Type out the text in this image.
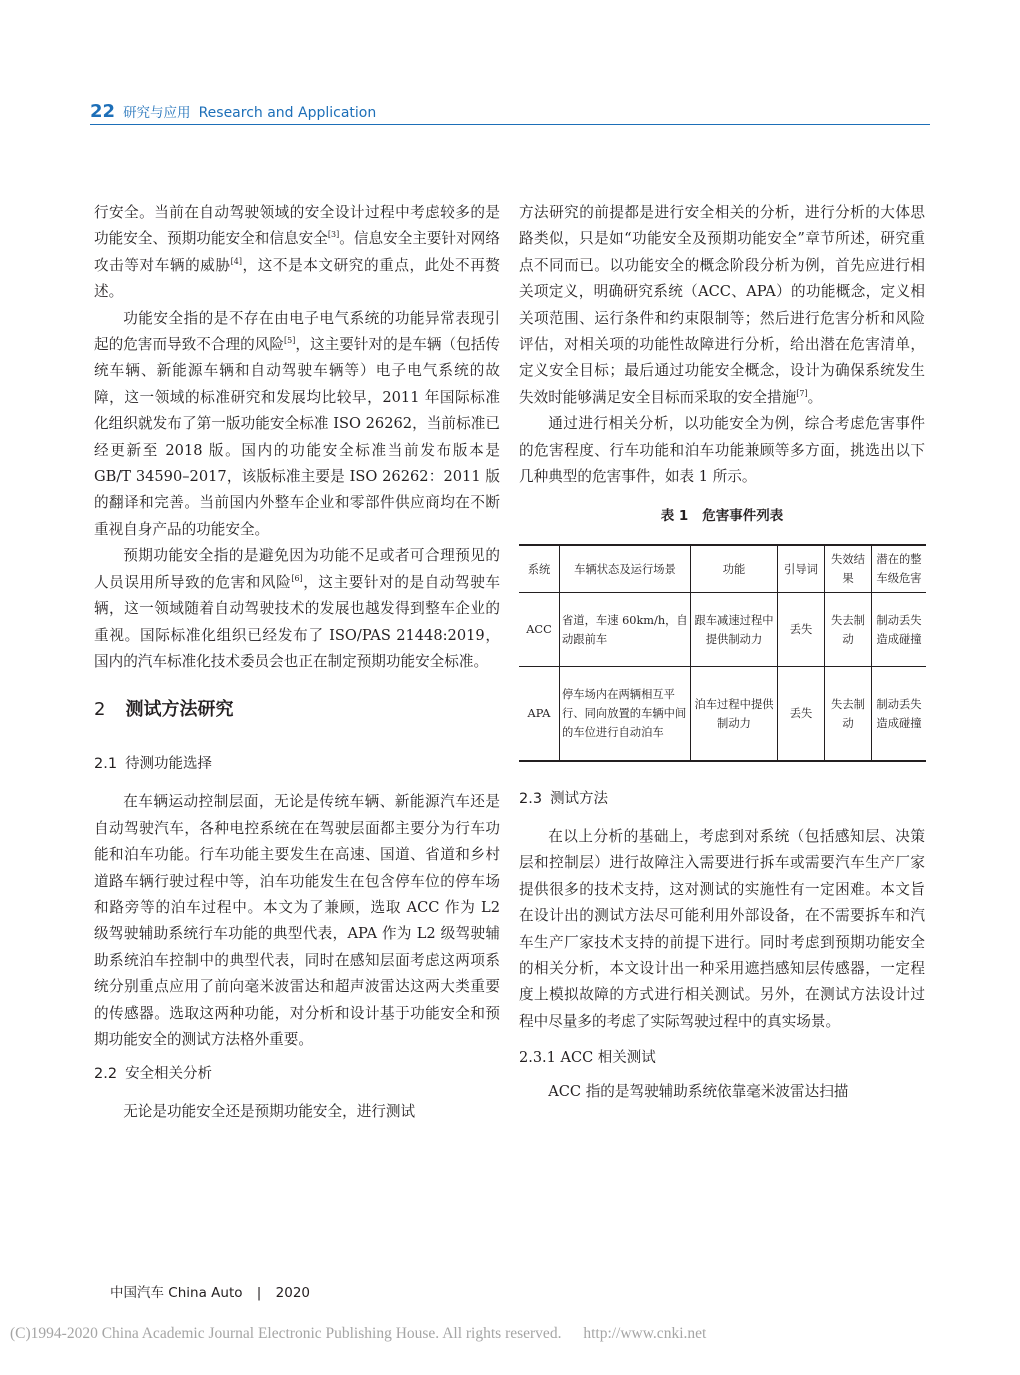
22 研究与应用 Research and Application

行安全。当前在自动驾驶领域的安全设计过程中考虑较多的是功能安全、预期功能安全和信息安全[3]。信息安全主要针对网络攻击等对车辆的威胁[4]，这不是本文研究的重点，此处不再赘述。

功能安全指的是不存在由电子电气系统的功能异常表现引起的危害而导致不合理的风险[5]，这主要针对的是车辆（包括传统车辆、新能源车辆和自动驾驶车辆等）电子电气系统的故障，这一领域的标准研究和发展均比较早，2011 年国际标准化组织就发布了第一版功能安全标准 ISO 26262，当前标准已经更新至 2018 版。国内的功能安全标准当前发布版本是 GB/T 34590–2017，该版标准主要是 ISO 26262：2011 版的翻译和完善。当前国内外整车企业和零部件供应商均在不断重视自身产品的功能安全。

预期功能安全指的是避免因为功能不足或者可合理预见的人员误用所导致的危害和风险[6]，这主要针对的是自动驾驶车辆，这一领域随着自动驾驶技术的发展也越发得到整车企业的重视。国际标准化组织已经发布了 ISO/PAS 21448:2019，国内的汽车标准化技术委员会也正在制定预期功能安全标准。

2 测试方法研究
2.1 待测功能选择

在车辆运动控制层面，无论是传统车辆、新能源汽车还是自动驾驶汽车，各种电控系统在在驾驶层面都主要分为行车功能和泊车功能。行车功能主要发生在高速、国道、省道和乡村道路车辆行驶过程中等，泊车功能发生在包含停车位的停车场和路旁等的泊车过程中。本文为了兼顾，选取 ACC 作为 L2 级驾驶辅助系统行车功能的典型代表，APA 作为 L2 级驾驶辅助系统泊车控制中的典型代表，同时在感知层面考虑这两项系统分别重点应用了前向毫米波雷达和超声波雷达这两大类重要的传感器。选取这两种功能，对分析和设计基于功能安全和预期功能安全的测试方法格外重要。

2.2 安全相关分析

无论是功能安全还是预期功能安全，进行测试

方法研究的前提都是进行安全相关的分析，进行分析的大体思路类似，只是如“功能安全及预期功能安全”章节所述，研究重点不同而已。以功能安全的概念阶段分析为例，首先应进行相关项定义，明确研究系统（ACC、APA）的功能概念，定义相关项范围、运行条件和约束限制等；然后进行危害分析和风险评估，对相关项的功能性故障进行分析，给出潜在危害清单，定义安全目标；最后通过功能安全概念，设计为确保系统发生失效时能够满足安全目标而采取的安全措施[7]。

通过进行相关分析，以功能安全为例，综合考虑危害事件的危害程度、行车功能和泊车功能兼顾等多方面，挑选出以下几种典型的危害事件，如表 1 所示。

表 1 危害事件列表
系统	车辆状态及运行场景	功能	引导词	失效结果	潜在的整车级危害
ACC	省道，车速 60km/h，自动跟前车	跟车减速过程中提供制动力	丢失	失去制动	制动丢失造成碰撞
APA	停车场内在两辆相互平行、同向放置的车辆中间的车位进行自动泊车	泊车过程中提供制动力	丢失	失去制动	制动丢失造成碰撞
2.3 测试方法

在以上分析的基础上，考虑到对系统（包括感知层、决策层和控制层）进行故障注入需要进行拆车或需要汽车生产厂家提供很多的技术支持，这对测试的实施性有一定困难。本文旨在设计出的测试方法尽可能利用外部设备，在不需要拆车和汽车生产厂家技术支持的前提下进行。同时考虑到预期功能安全的相关分析，本文设计出一种采用遮挡感知层传感器，一定程度上模拟故障的方式进行相关测试。另外，在测试方法设计过程中尽量多的考虑了实际驾驶过程中的真实场景。

2.3.1 ACC 相关测试

ACC 指的是驾驶辅助系统依靠毫米波雷达扫描

中国汽车 China Auto | 2020
(C)1994-2020 China Academic Journal Electronic Publishing House. All rights reserved. http://www.cnki.net
